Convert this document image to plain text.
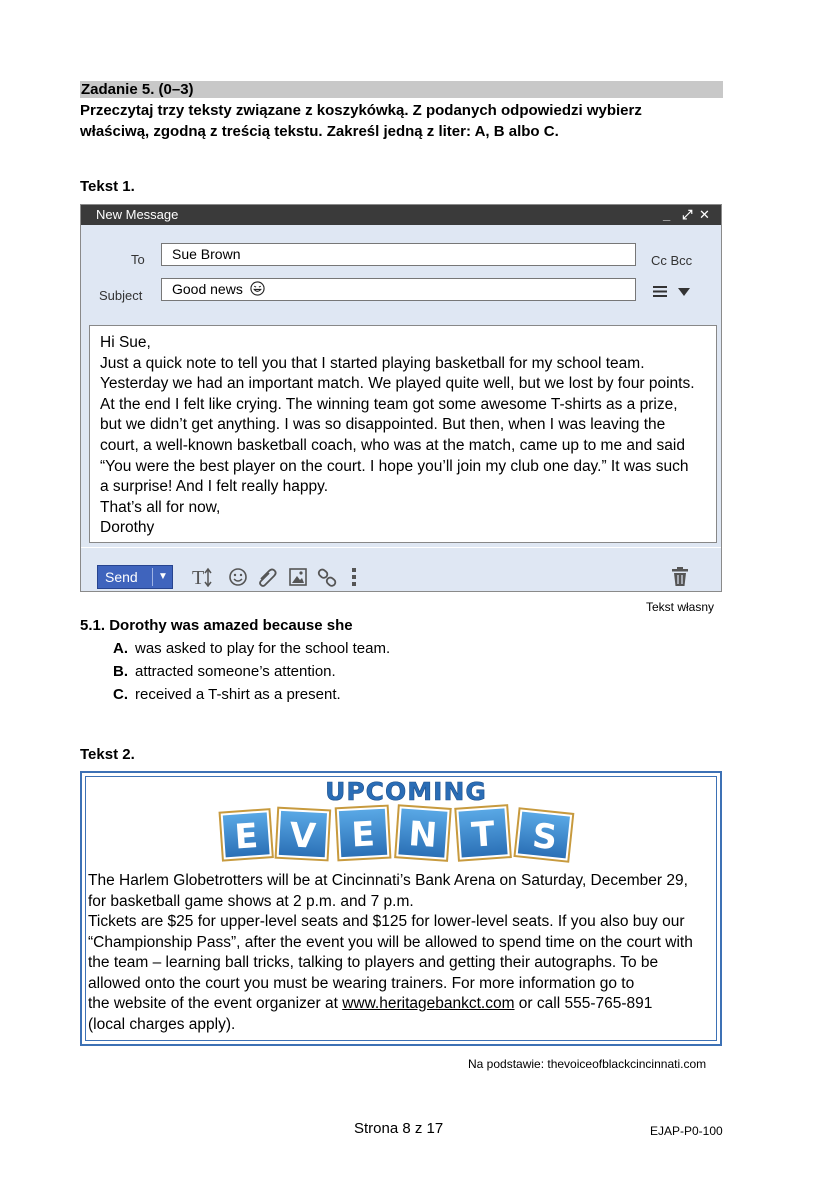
Zadanie 5. (0–3)
Przeczytaj trzy teksty związane z koszykówką. Z podanych odpowiedzi wybierz
właściwą, zgodną z treścią tekstu. Zakreśl jedną z liter: A, B albo C.
Tekst 1.
New Message	_ ⤢ ✕
To	Sue Brown	Cc Bcc
Subject	Good news
Hi Sue,
Just a quick note to tell you that I started playing basketball for my school team.
Yesterday we had an important match. We played quite well, but we lost by four points.
At the end I felt like crying. The winning team got some awesome T-shirts as a prize,
but we didn’t get anything. I was so disappointed. But then, when I was leaving the
court, a well-known basketball coach, who was at the match, came up to me and said
“You were the best player on the court. I hope you’ll join my club one day.” It was such
a surprise! And I felt really happy.
That’s all for now,
Dorothy
Send ▼ T
Tekst własny
5.1. Dorothy was amazed because she
A. was asked to play for the school team.
B. attracted someone’s attention.
C. received a T-shirt as a present.
Tekst 2.
UPCOMING
E V E N T S
The Harlem Globetrotters will be at Cincinnati’s Bank Arena on Saturday, December 29,
for basketball game shows at 2 p.m. and 7 p.m.
Tickets are $25 for upper-level seats and $125 for lower-level seats. If you also buy our
“Championship Pass”, after the event you will be allowed to spend time on the court with
the team – learning ball tricks, talking to players and getting their autographs. To be
allowed onto the court you must be wearing trainers. For more information go to
the website of the event organizer at www.heritagebankct.com or call 555-765-891
(local charges apply).
Na podstawie: thevoiceofblackcincinnati.com
Strona 8 z 17	EJAP-P0-100
